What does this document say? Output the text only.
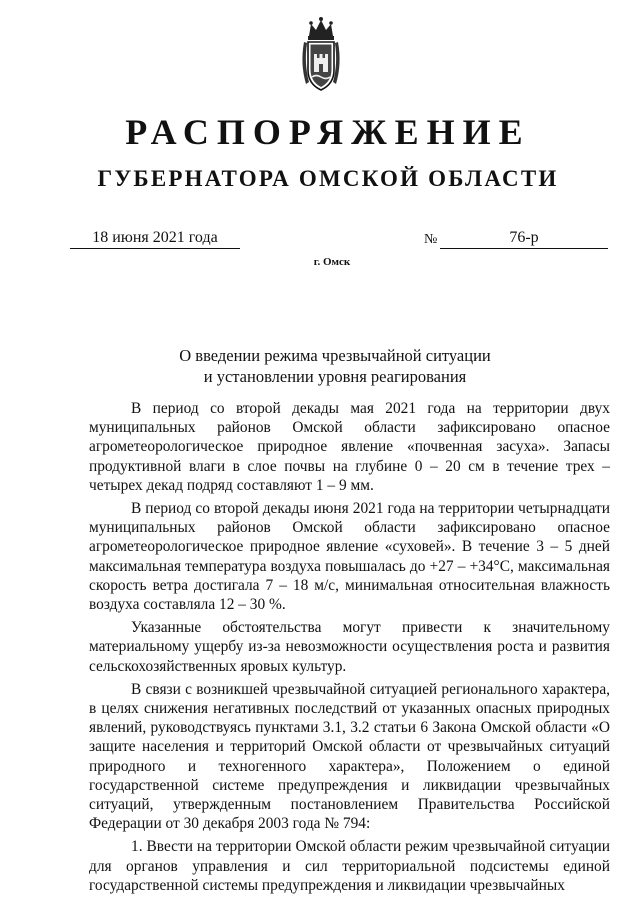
РАСПОРЯЖЕНИЕ
ГУБЕРНАТОРА ОМСКОЙ ОБЛАСТИ
18 июня 2021 года	№	76-р
г. Омск
О введении режима чрезвычайной ситуации
и установлении уровня реагирования

В период со второй декады мая 2021 года на территории двух муниципальных районов Омской области зафиксировано опасное агрометеорологическое природное явление «почвенная засуха». Запасы продуктивной влаги в слое почвы на глубине 0 – 20 см в течение трех – четырех декад подряд составляют 1 – 9 мм.

В период со второй декады июня 2021 года на территории четырнадцати муниципальных районов Омской области зафиксировано опасное агрометеорологическое природное явление «суховей». В течение 3 – 5 дней максимальная температура воздуха повышалась до +27 – +34°С, максимальная скорость ветра достигала 7 – 18 м/с, минимальная относительная влажность воздуха составляла 12 – 30 %.

Указанные обстоятельства могут привести к значительному материальному ущербу из-за невозможности осуществления роста и развития сельскохозяйственных яровых культур.

В связи с возникшей чрезвычайной ситуацией регионального характера, в целях снижения негативных последствий от указанных опасных природных явлений, руководствуясь пунктами 3.1, 3.2 статьи 6 Закона Омской области «О защите населения и территорий Омской области от чрезвычайных ситуаций природного и техногенного характера», Положением о единой государственной системе предупреждения и ликвидации чрезвычайных ситуаций, утвержденным постановлением Правительства Российской Федерации от 30 декабря 2003 года № 794:

1. Ввести на территории Омской области режим чрезвычайной ситуации для органов управления и сил территориальной подсистемы единой государственной системы предупреждения и ликвидации чрезвычайных
